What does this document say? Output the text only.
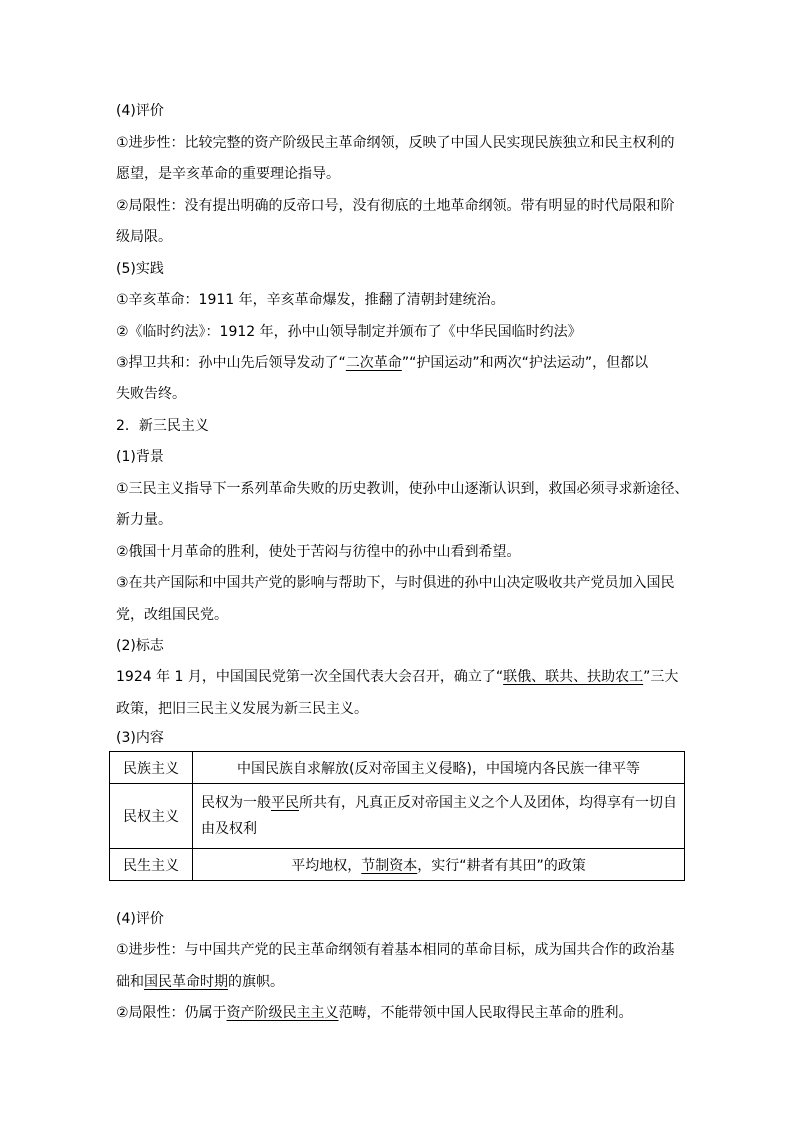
(4)评价
①进步性：比较完整的资产阶级民主革命纲领，反映了中国人民实现民族独立和民主权利的
愿望，是辛亥革命的重要理论指导。
②局限性：没有提出明确的反帝口号，没有彻底的土地革命纲领。带有明显的时代局限和阶
级局限。
(5)实践
①辛亥革命：1911 年，辛亥革命爆发，推翻了清朝封建统治。
②《临时约法》：1912 年，孙中山领导制定并颁布了《中华民国临时约法》
③捍卫共和：孙中山先后领导发动了“二次革命”“护国运动”和两次“护法运动”，但都以
失败告终。
2．新三民主义
(1)背景
①三民主义指导下一系列革命失败的历史教训，使孙中山逐渐认识到，救国必须寻求新途径、
新力量。
②俄国十月革命的胜利，使处于苦闷与彷徨中的孙中山看到希望。
③在共产国际和中国共产党的影响与帮助下，与时俱进的孙中山决定吸收共产党员加入国民
党，改组国民党。
(2)标志
1924 年 1 月，中国国民党第一次全国代表大会召开，确立了“联俄、联共、扶助农工”三大
政策，把旧三民主义发展为新三民主义。
(3)内容
民族主义	中国民族自求解放(反对帝国主义侵略)，中国境内各民族一律平等
民权主义	民权为一般平民所共有，凡真正反对帝国主义之个人及团体，均得享有一切自由及权利
民生主义	平均地权，节制资本，实行“耕者有其田”的政策
(4)评价
①进步性：与中国共产党的民主革命纲领有着基本相同的革命目标，成为国共合作的政治基
础和国民革命时期的旗帜。
②局限性：仍属于资产阶级民主主义范畴，不能带领中国人民取得民主革命的胜利。
